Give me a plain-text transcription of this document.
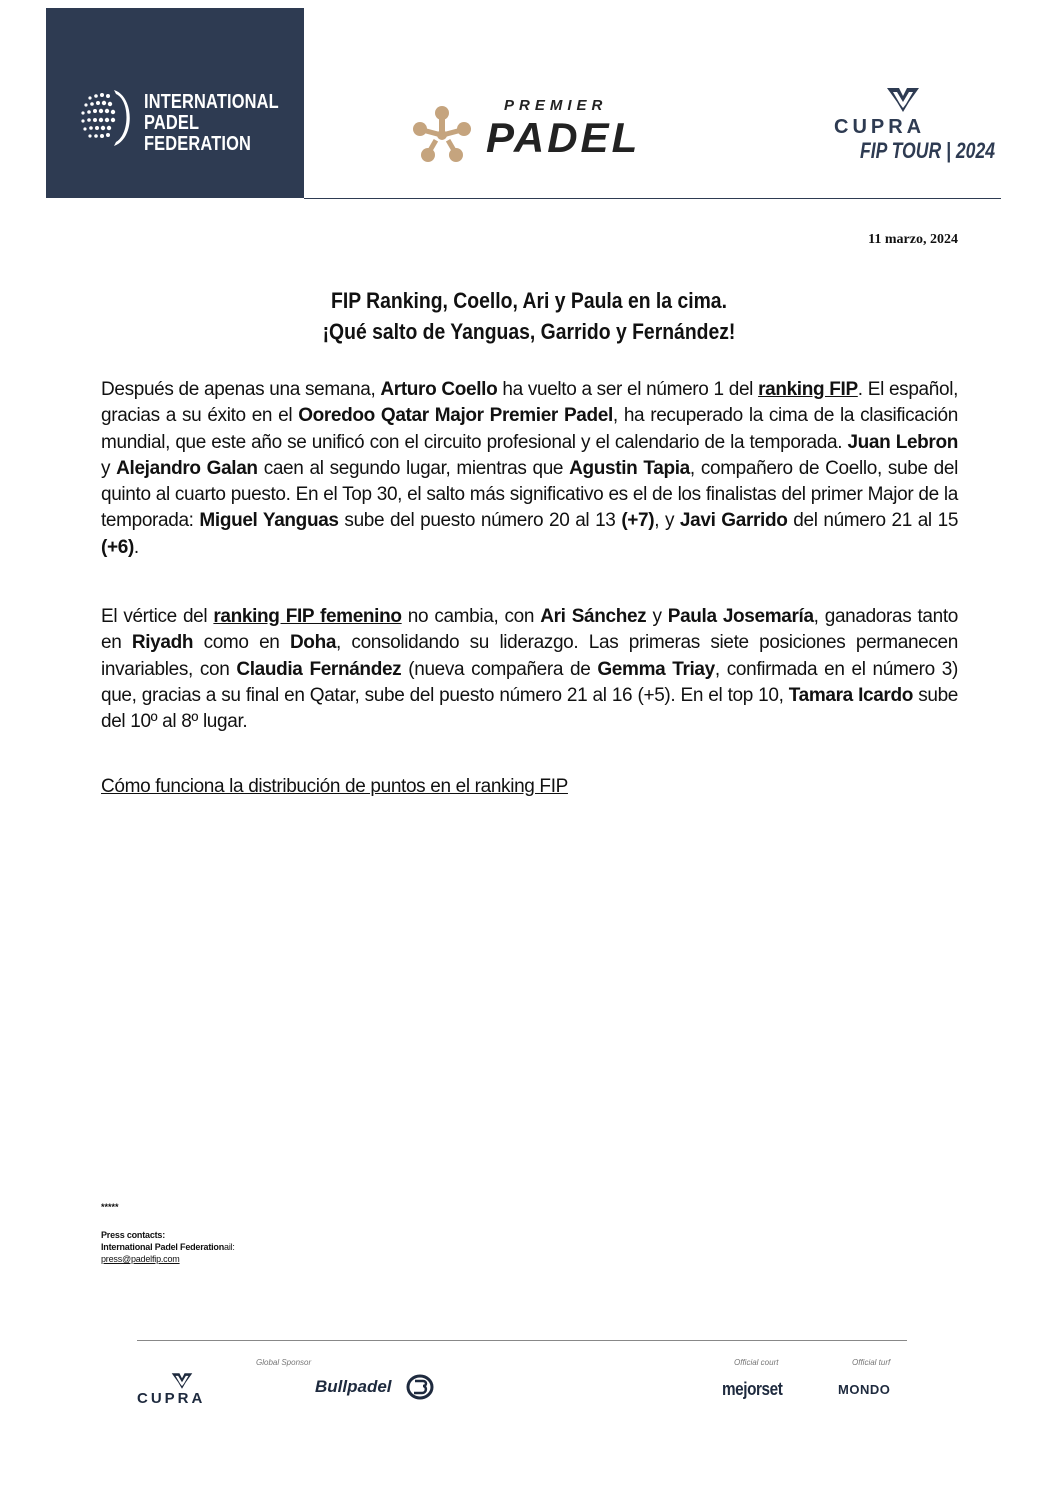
INTERNATIONAL
PADEL
FEDERATION
PREMIER
PADEL	CUPRA
FIP TOUR | 2024
11 marzo, 2024
FIP Ranking, Coello, Ari y Paula en la cima.
¡Qué salto de Yanguas, Garrido y Fernández!
Después de apenas una semana, Arturo Coello ha vuelto a ser el número 1 del ranking FIP. El español, gracias a su éxito en el Ooredoo Qatar Major Premier Padel, ha recuperado la cima de la clasificación mundial, que este año se unificó con el circuito profesional y el calendario de la temporada. Juan Lebron y Alejandro Galan caen al segundo lugar, mientras que Agustin Tapia, compañero de Coello, sube del quinto al cuarto puesto. En el Top 30, el salto más significativo es el de los finalistas del primer Major de la temporada: Miguel Yanguas sube del puesto número 20 al 13 (+7), y Javi Garrido del número 21 al 15 (+6).
El vértice del ranking FIP femenino no cambia, con Ari Sánchez y Paula Josemaría, ganadoras tanto en Riyadh como en Doha, consolidando su liderazgo. Las primeras siete posiciones permanecen invariables, con Claudia Fernández (nueva compañera de Gemma Triay, confirmada en el número 3) que, gracias a su final en Qatar, sube del puesto número 21 al 16 (+5). En el top 10, Tamara Icardo sube del 10º al 8º lugar.
Cómo funciona la distribución de puntos en el ranking FIP
*****
Press contacts:
International Padel Federationail:
press@padelfip.com
Global Sponsor	Official court	Official turf
CUPRA
Bullpadel	mejorset	MONDO
